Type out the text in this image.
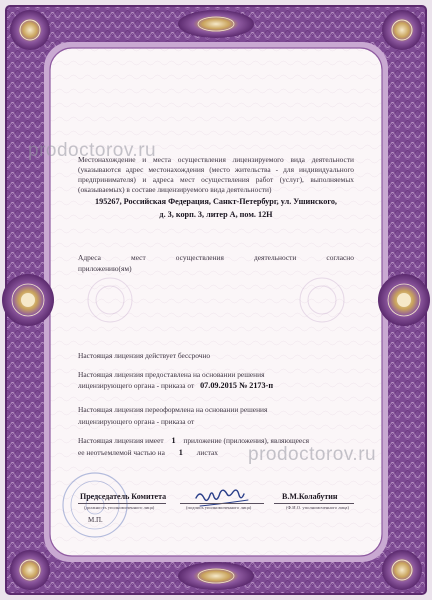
prodoctorov.ru
prodoctorov.ru
Местонахождение и места осуществления лицензируемого вида деятельности (указываются адрес местонахождения (место жительства - для индивидуального предпринимателя) и адреса мест осуществления работ (услуг), выполняемых (оказываемых) в составе лицензируемого вида деятельности)
195267, Российская Федерация, Санкт-Петербург, ул. Ушинского,
д. 3, корп. 3, литер А, пом. 12Н
Адреса	мест	осуществления	деятельности	согласно
приложению(ям)
Настоящая лицензия действует бессрочно
Настоящая лицензия предоставлена на основании решения
лицензирующего органа - приказа от 07.09.2015 № 2173-п
Настоящая лицензия переоформлена на основании решения
лицензирующего органа - приказа от
Настоящая лицензия имеет 1 приложение (приложения), являющееся
ее неотъемлемой частью на 1 листах
Председатель Комитета	В.М.Колабутин
(должность уполномоченного лица)	(подпись уполномоченного лица)	(Ф.И.О. уполномоченного лица)
М.П.
